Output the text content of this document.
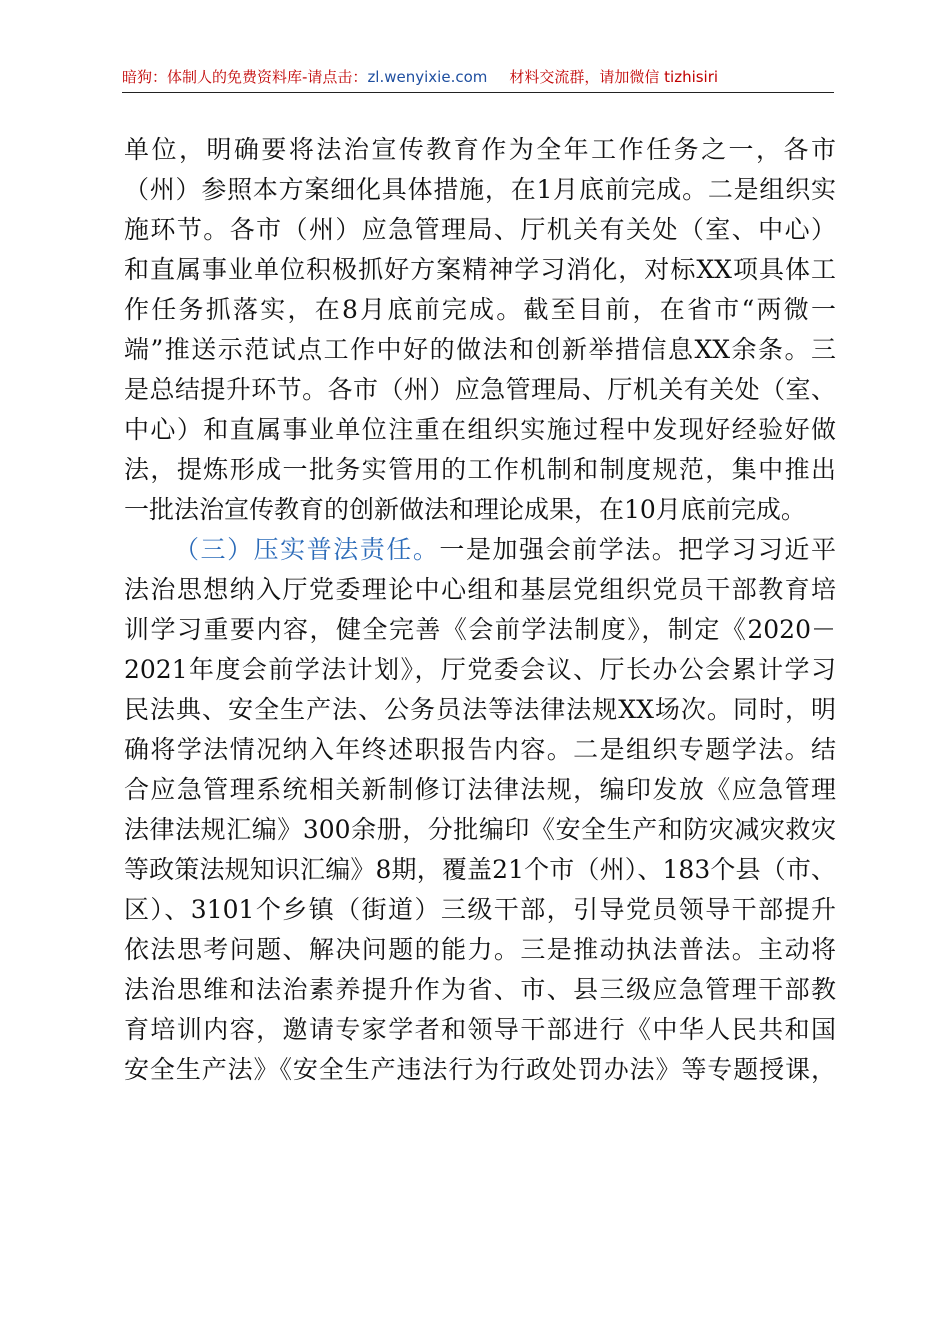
暗狗：体制人的免费资料库-请点击：zl.wenyixie.com 材料交流群，请加微信 tizhisiri
单位，明确要将法治宣传教育作为全年工作任务之一，各市
（州）参照本方案细化具体措施，在1月底前完成。二是组织实
施环节。各市（州）应急管理局、厅机关有关处（室、中心）
和直属事业单位积极抓好方案精神学习消化，对标XX项具体工
作任务抓落实，在8月底前完成。截至目前，在省市“两微一
端”推送示范试点工作中好的做法和创新举措信息XX余条。三
是总结提升环节。各市（州）应急管理局、厅机关有关处（室、
中心）和直属事业单位注重在组织实施过程中发现好经验好做
法，提炼形成一批务实管用的工作机制和制度规范，集中推出
一批法治宣传教育的创新做法和理论成果，在10月底前完成。
（三）压实普法责任。一是加强会前学法。把学习习近平
法治思想纳入厅党委理论中心组和基层党组织党员干部教育培
训学习重要内容，健全完善《会前学法制度》，制定《2020－
2021年度会前学法计划》，厅党委会议、厅长办公会累计学习
民法典、安全生产法、公务员法等法律法规XX场次。同时，明
确将学法情况纳入年终述职报告内容。二是组织专题学法。结
合应急管理系统相关新制修订法律法规，编印发放《应急管理
法律法规汇编》300余册，分批编印《安全生产和防灾减灾救灾
等政策法规知识汇编》8期，覆盖21个市（州）、183个县（市、
区）、3101个乡镇（街道）三级干部，引导党员领导干部提升
依法思考问题、解决问题的能力。三是推动执法普法。主动将
法治思维和法治素养提升作为省、市、县三级应急管理干部教
育培训内容，邀请专家学者和领导干部进行《中华人民共和国
安全生产法》《安全生产违法行为行政处罚办法》等专题授课，
